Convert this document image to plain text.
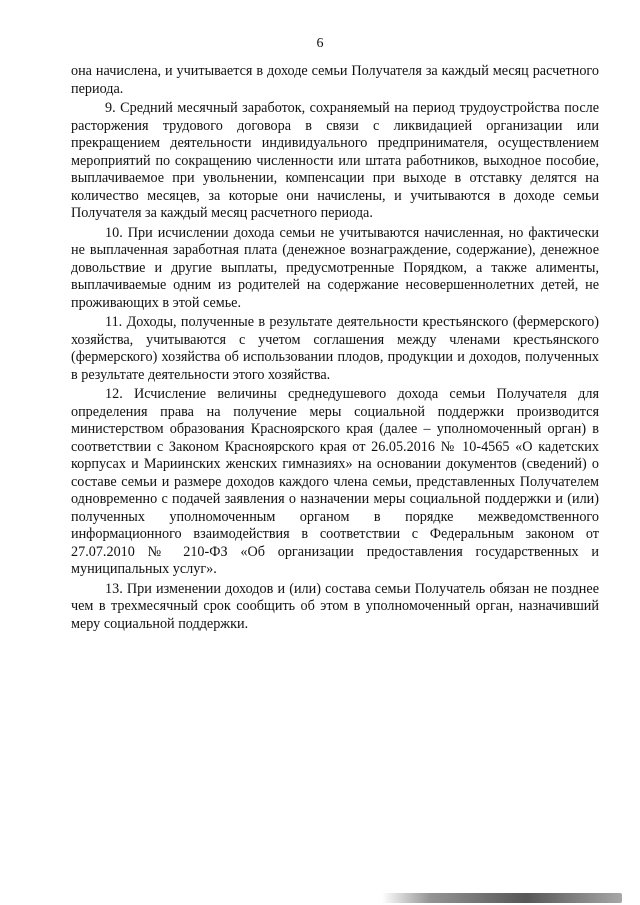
6

она начислена, и учитывается в доходе семьи Получателя за каждый месяц расчетного периода.

9. Средний месячный заработок, сохраняемый на период трудоустройства после расторжения трудового договора в связи с ликвидацией организации или прекращением деятельности индивидуального предпринимателя, осуществлением мероприятий по сокращению численности или штата работников, выходное пособие, выплачиваемое при увольнении, компенсации при выходе в отставку делятся на количество месяцев, за которые они начислены, и учитываются в доходе семьи Получателя за каждый месяц расчетного периода.

10. При исчислении дохода семьи не учитываются начисленная, но фактически не выплаченная заработная плата (денежное вознаграждение, содержание), денежное довольствие и другие выплаты, предусмотренные Порядком, а также алименты, выплачиваемые одним из родителей на содержание несовершеннолетних детей, не проживающих в этой семье.

11. Доходы, полученные в результате деятельности крестьянского (фермерского) хозяйства, учитываются с учетом соглашения между членами крестьянского (фермерского) хозяйства об использовании плодов, продукции и доходов, полученных в результате деятельности этого хозяйства.

12. Исчисление величины среднедушевого дохода семьи Получателя для определения права на получение меры социальной поддержки производится министерством образования Красноярского края (далее – уполномоченный орган) в соответствии с Законом Красноярского края от 26.05.2016 № 10-4565 «О кадетских корпусах и Мариинских женских гимназиях» на основании документов (сведений) о составе семьи и размере доходов каждого члена семьи, представленных Получателем одновременно с подачей заявления о назначении меры социальной поддержки и (или) полученных уполномоченным органом в порядке межведомственного информационного взаимодействия в соответствии с Федеральным законом от 27.07.2010 № 210-ФЗ «Об организации предоставления государственных и муниципальных услуг».

13. При изменении доходов и (или) состава семьи Получатель обязан не позднее чем в трехмесячный срок сообщить об этом в уполномоченный орган, назначивший меру социальной поддержки.
